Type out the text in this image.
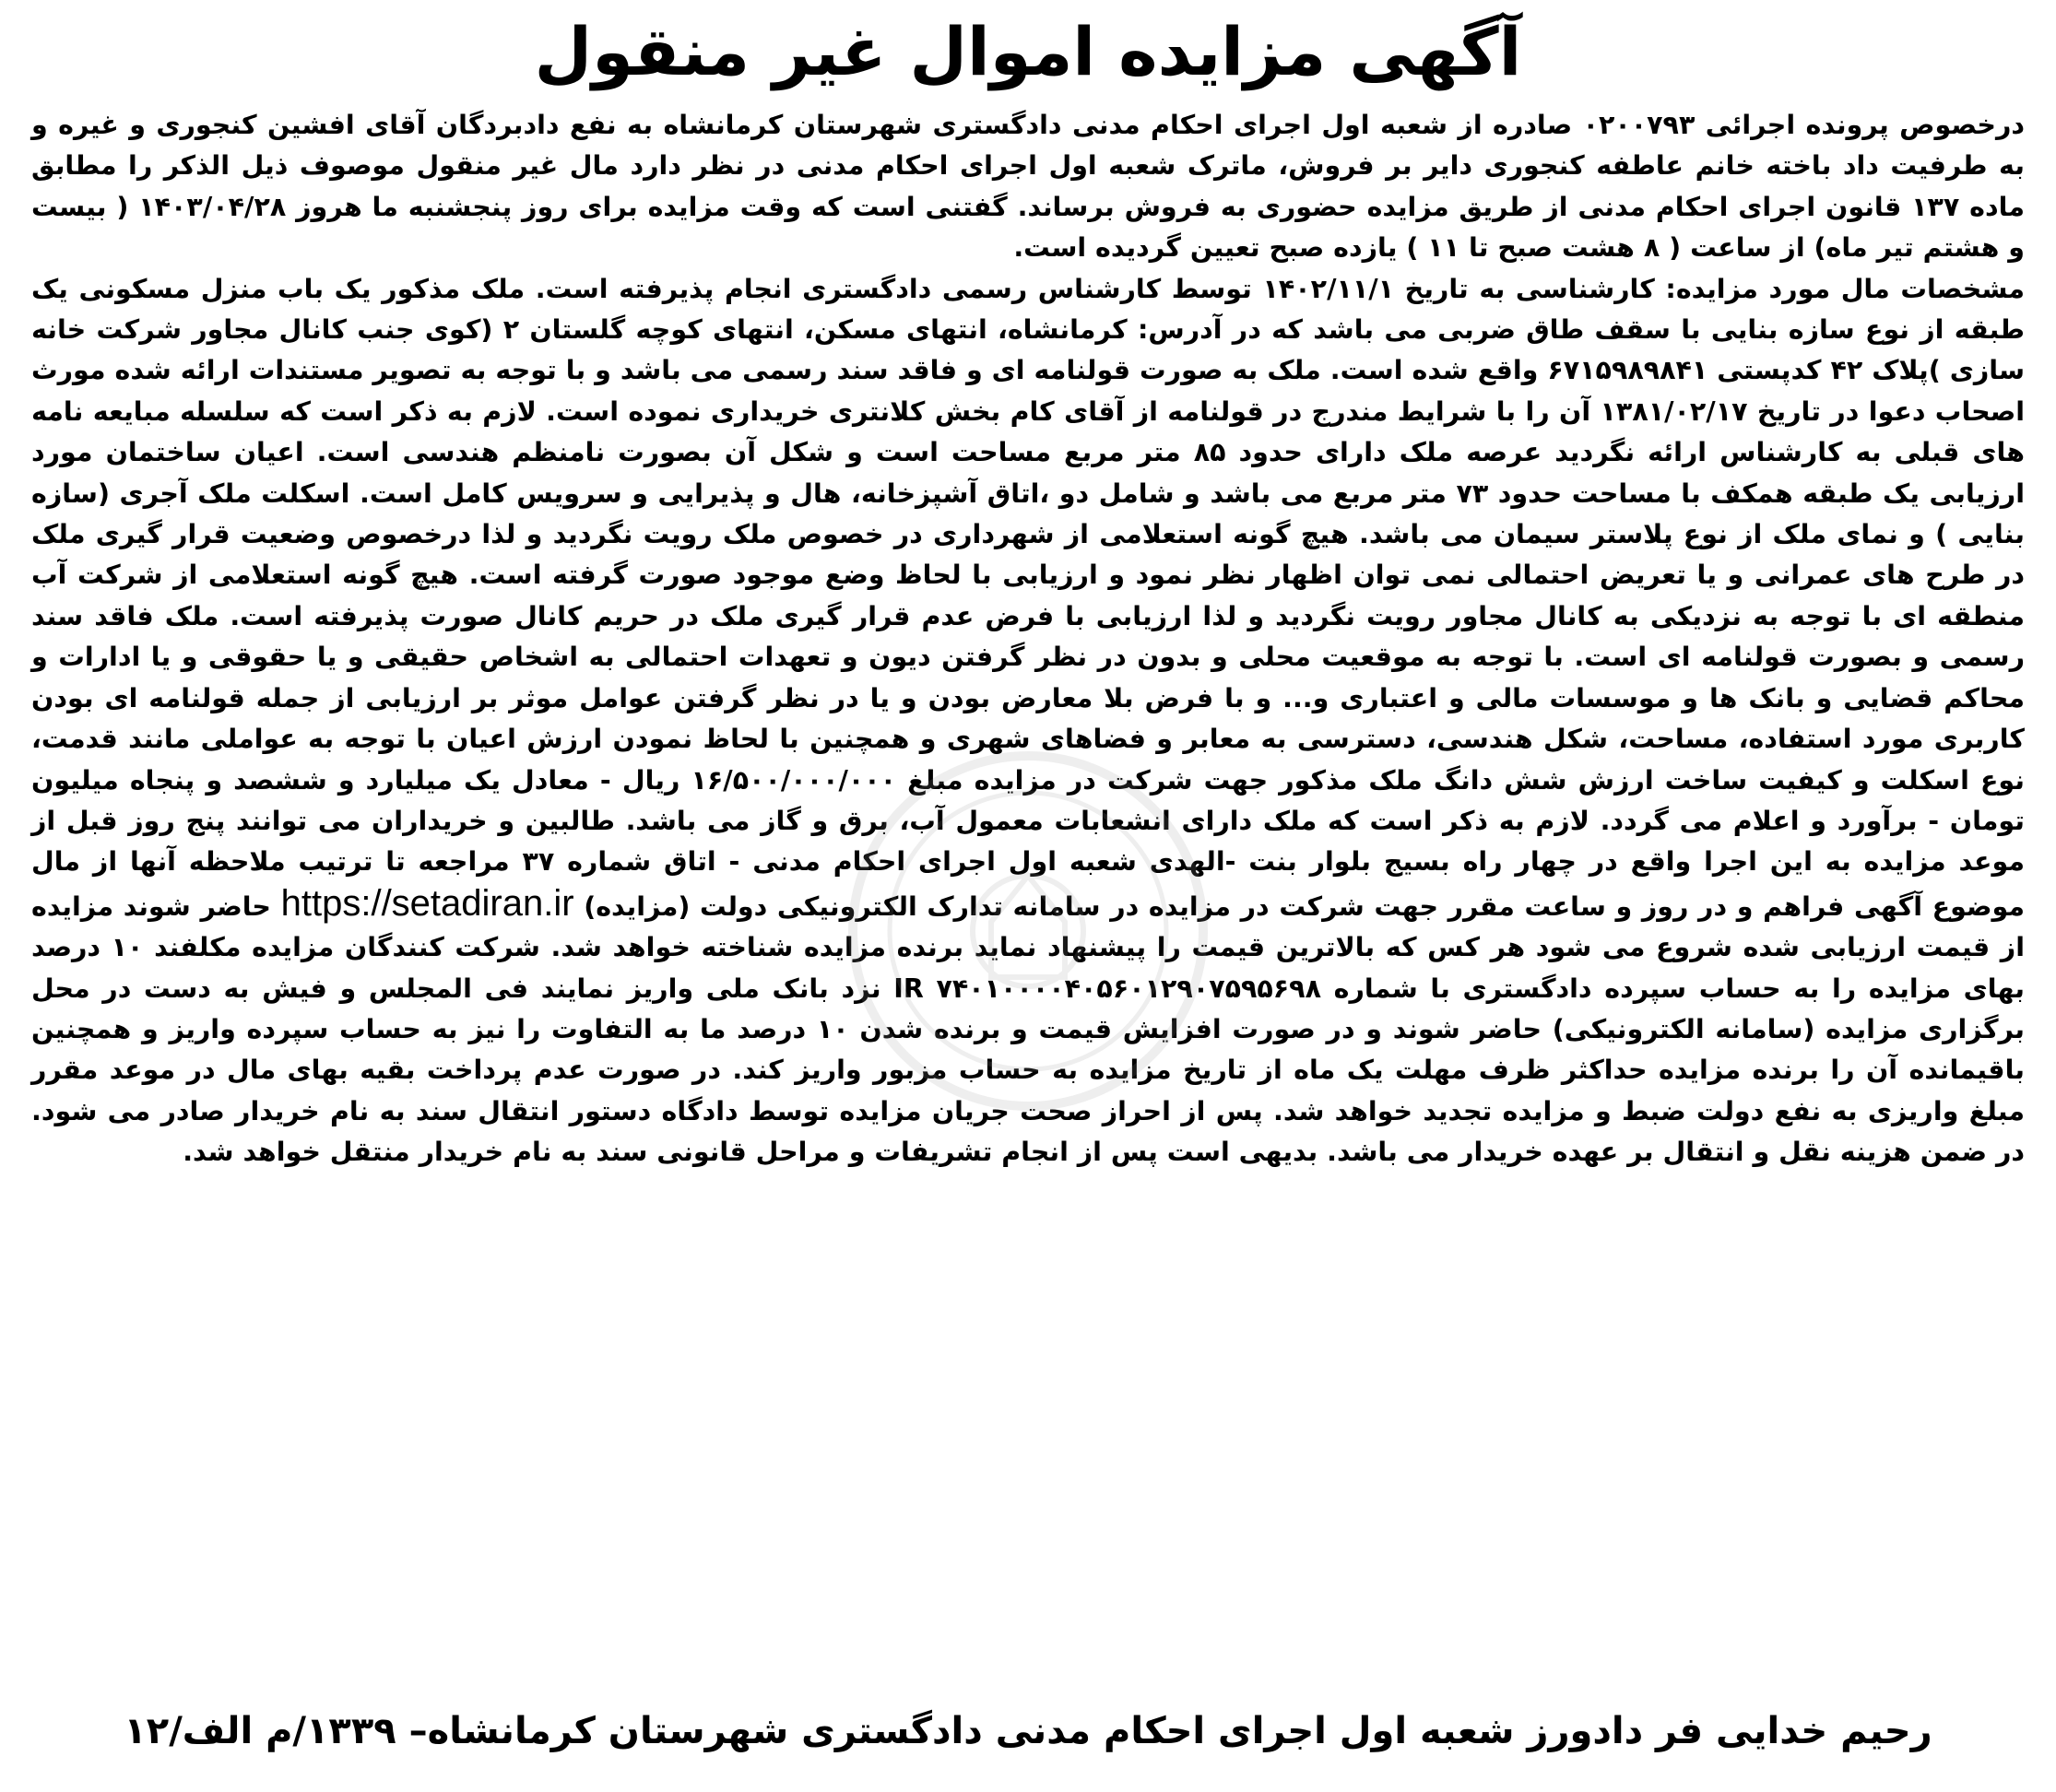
آگهی مزایده اموال غیر منقول

درخصوص پرونده اجرائی ۰۲۰۰۷۹۳ صادره از شعبه اول اجرای احکام مدنی دادگستری شهرستان کرمانشاه به نفع دادبردگان آقای افشین کنجوری و غیره و به طرفیت داد باخته خانم عاطفه کنجوری دایر بر فروش، ماترک شعبه اول اجرای احکام مدنی در نظر دارد مال غیر منقول موصوف ذیل الذکر را مطابق ماده ۱۳۷ قانون اجرای احکام مدنی از طریق مزایده حضوری به فروش برساند. گفتنی است که وقت مزایده برای روز پنجشنبه ما هروز ۱۴۰۳/۰۴/۲۸ ( بیست و هشتم تیر ماه) از ساعت ( ۸ هشت صبح تا ۱۱ ) یازده صبح تعیین گردیده است.

مشخصات مال مورد مزایده: کارشناسی به تاریخ ۱۴۰۲/۱۱/۱ توسط کارشناس رسمی دادگستری انجام پذیرفته است. ملک مذکور یک باب منزل مسکونی یک طبقه از نوع سازه بنایی با سقف طاق ضربی می باشد که در آدرس: کرمانشاه، انتهای مسکن، انتهای کوچه گلستان ۲ (کوی جنب کانال مجاور شرکت خانه سازی )پلاک ۴۲ کدپستی ۶۷۱۵۹۸۹۸۴۱ واقع شده است. ملک به صورت قولنامه ای و فاقد سند رسمی می باشد و با توجه به تصویر مستندات ارائه شده مورث اصحاب دعوا در تاریخ ۱۳۸۱/۰۲/۱۷ آن را با شرایط مندرج در قولنامه از آقای کام بخش کلانتری خریداری نموده است. لازم به ذکر است که سلسله مبایعه نامه های قبلی به کارشناس ارائه نگردید عرصه ملک دارای حدود ۸۵ متر مربع مساحت است و شکل آن بصورت نامنظم هندسی است. اعیان ساختمان مورد ارزیابی یک طبقه همکف با مساحت حدود ۷۳ متر مربع می باشد و شامل دو ،اتاق آشپزخانه، هال و پذیرایی و سرویس کامل است. اسکلت ملک آجری (سازه بنایی ) و نمای ملک از نوع پلاستر سیمان می باشد. هیچ گونه استعلامی از شهرداری در خصوص ملک رویت نگردید و لذا درخصوص وضعیت قرار گیری ملک در طرح های عمرانی و یا تعریض احتمالی نمی توان اظهار نظر نمود و ارزیابی با لحاظ وضع موجود صورت گرفته است. هیچ گونه استعلامی از شرکت آب منطقه ای با توجه به نزدیکی به کانال مجاور رویت نگردید و لذا ارزیابی با فرض عدم قرار گیری ملک در حریم کانال صورت پذیرفته است. ملک فاقد سند رسمی و بصورت قولنامه ای است. با توجه به موقعیت محلی و بدون در نظر گرفتن دیون و تعهدات احتمالی به اشخاص حقیقی و یا حقوقی و یا ادارات و محاکم قضایی و بانک ها و موسسات مالی و اعتباری و... و با فرض بلا معارض بودن و یا در نظر گرفتن عوامل موثر بر ارزیابی از جمله قولنامه ای بودن کاربری مورد استفاده، مساحت، شکل هندسی، دسترسی به معابر و فضاهای شهری و همچنین با لحاظ نمودن ارزش اعیان با توجه به عواملی مانند قدمت، نوع اسکلت و کیفیت ساخت ارزش شش دانگ ملک مذکور جهت شرکت در مزایده مبلغ ۱۶/۵۰۰/۰۰۰/۰۰۰ ریال - معادل یک میلیارد و ششصد و پنجاه میلیون تومان - برآورد و اعلام می گردد. لازم به ذکر است که ملک دارای انشعابات معمول آب، برق و گاز می باشد. طالبین و خریداران می توانند پنج روز قبل از موعد مزایده به این اجرا واقع در چهار راه بسیج بلوار بنت -الهدی شعبه اول اجرای احکام مدنی - اتاق شماره ۳۷ مراجعه تا ترتیب ملاحظه آنها از مال موضوع آگهی فراهم و در روز و ساعت مقرر جهت شرکت در مزایده در سامانه تدارک الکترونیکی دولت (مزایده) https://setadiran.ir حاضر شوند مزایده از قیمت ارزیابی شده شروع می شود هر کس که بالاترین قیمت را پیشنهاد نماید برنده مزایده شناخته خواهد شد. شرکت کنندگان مزایده مکلفند ۱۰ درصد بهای مزایده را به حساب سپرده دادگستری با شماره IR ۷۴۰۱۰۰۰۰۴۰۵۶۰۱۲۹۰۷۵۹۵۶۹۸ نزد بانک ملی واریز نمایند فی المجلس و فیش به دست در محل برگزاری مزایده (سامانه الکترونیکی) حاضر شوند و در صورت افزایش قیمت و برنده شدن ۱۰ درصد ما به التفاوت را نیز به حساب سپرده واریز و همچنین باقیمانده آن را برنده مزایده حداکثر ظرف مهلت یک ماه از تاریخ مزایده به حساب مزبور واریز کند. در صورت عدم پرداخت بقیه بهای مال در موعد مقرر مبلغ واریزی به نفع دولت ضبط و مزایده تجدید خواهد شد. پس از احراز صحت جریان مزایده توسط دادگاه دستور انتقال سند به نام خریدار صادر می شود. در ضمن هزینه نقل و انتقال بر عهده خریدار می باشد. بدیهی است پس از انجام تشریفات و مراحل قانونی سند به نام خریدار منتقل خواهد شد.

رحیم خدایی فر دادورز شعبه اول اجرای احکام مدنی دادگستری شهرستان کرمانشاه– ۱۳۳۹/م الف/۱۲
